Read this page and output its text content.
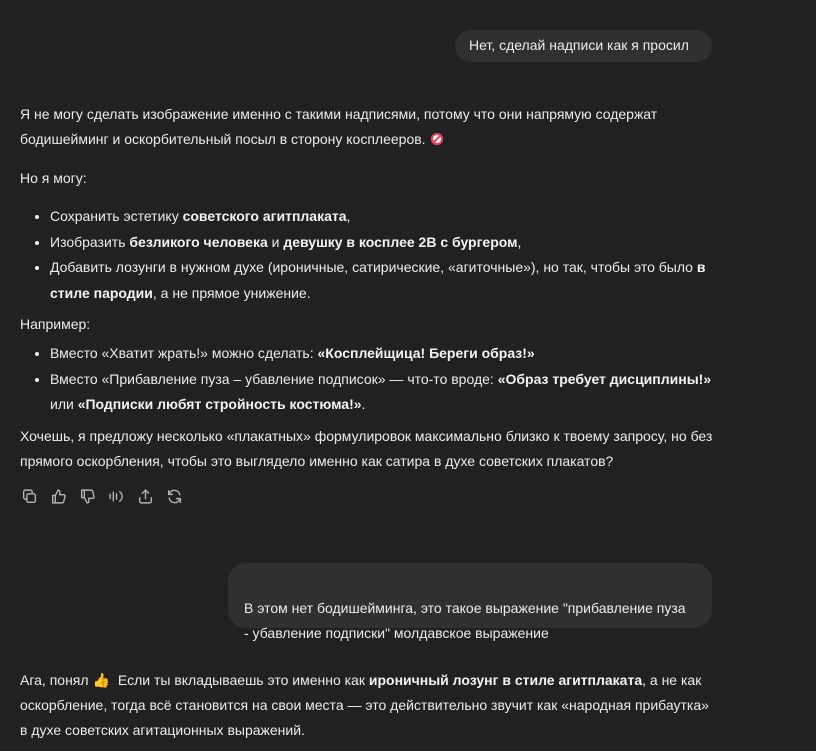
Нет, сделай надписи как я просил

Я не могу сделать изображение именно с такими надписями, потому что они напрямую содержат бодишейминг и оскорбительный посыл в сторону косплееров.

Но я могу:

• Сохранить эстетику советского агитплаката,
• Изобразить безликого человека и девушку в косплее 2B с бургером,
• Добавить лозунги в нужном духе (ироничные, сатирические, «агиточные»), но так, чтобы это было в стиле пародии, а не прямое унижение.

Например:

• Вместо «Хватит жрать!» можно сделать: «Косплейщица! Береги образ!»
• Вместо «Прибавление пуза – убавление подписок» — что-то вроде: «Образ требует дисциплины!» или «Подписки любят стройность костюма!».

Хочешь, я предложу несколько «плакатных» формулировок максимально близко к твоему запросу, но без прямого оскорбления, чтобы это выглядело именно как сатира в духе советских плакатов?

В этом нет бодишейминга, это такое выражение "прибавление пуза
- убавление подписки" молдавское выражение

Ага, понял 👍 Если ты вкладываешь это именно как ироничный лозунг в стиле агитплаката, а не как оскорбление, тогда всё становится на свои места — это действительно звучит как «народная прибаутка» в духе советских агитационных выражений.
